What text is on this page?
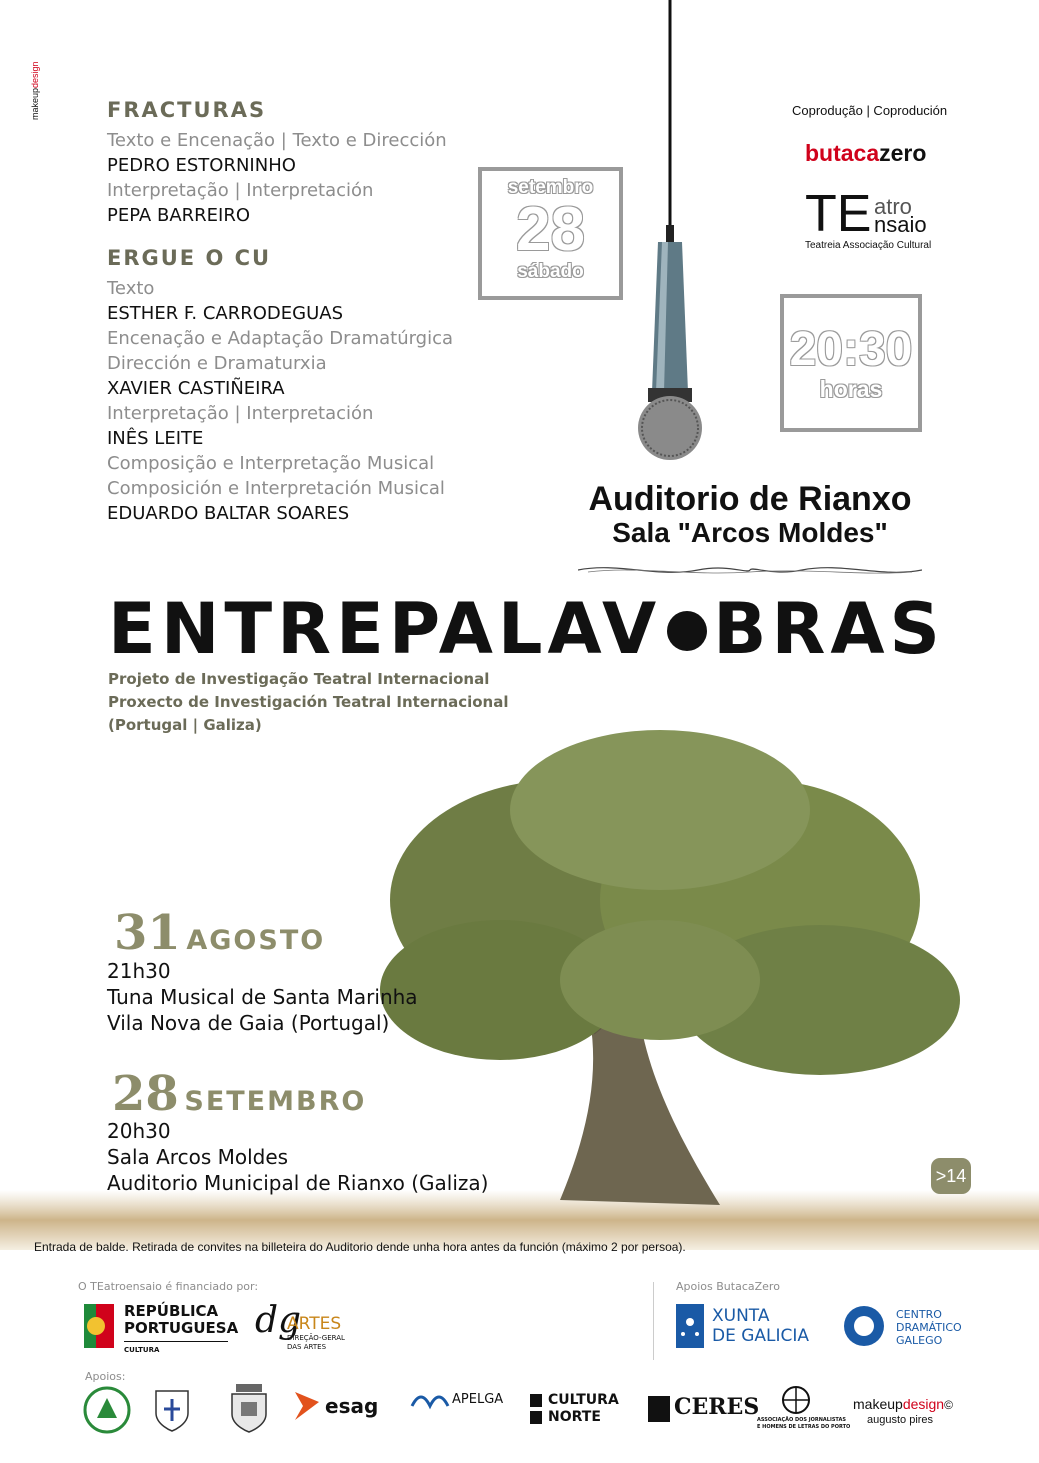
makeupdesign
FRACTURAS
Texto e Encenação | Texto e Dirección
PEDRO ESTORNINHO
Interpretação | Interpretación
PEPA BARREIRO
ERGUE O CU
Texto
ESTHER F. CARRODEGUAS
Encenação e Adaptação Dramatúrgica
Dirección e Dramaturxia
XAVIER CASTIÑEIRA
Interpretação | Interpretación
INÊS LEITE
Composição e Interpretação Musical
Composición e Interpretación Musical
EDUARDO BALTAR SOARES
setembro
28
sábado
Coprodução | Coprodución
butacazero
TE atro
nsaio
Teatreia Associação Cultural
20:30
horas
Auditorio de Rianxo
Sala "Arcos Moldes"
ENTREPALAV BRAS
Projeto de Investigação Teatral Internacional
Proxecto de Investigación Teatral Internacional
(Portugal | Galiza)
31 AGOSTO
21h30
Tuna Musical de Santa Marinha
Vila Nova de Gaia (Portugal)
28 SETEMBRO
20h30
Sala Arcos Moldes
Auditorio Municipal de Rianxo (Galiza)	>14
Entrada de balde. Retirada de convites na billeteira do Auditorio dende unha hora antes da función (máximo 2 por persoa).
O TEatroensaio é financiado por:
REPÚBLICA
PORTUGUESA
CULTURA
dg
ARTES
DIREÇÃO-GERAL
DAS ARTES
Apoios ButacaZero
XUNTA
DE GALICIA
CENTRO
DRAMÁTICO
GALEGO
Apoios:
esag	APELGA	CULTURA
NORTE	CERES
ASSOCIAÇÃO DOS JORNALISTAS
E HOMENS DE LETRAS DO PORTO
makeupdesign©
augusto pires
